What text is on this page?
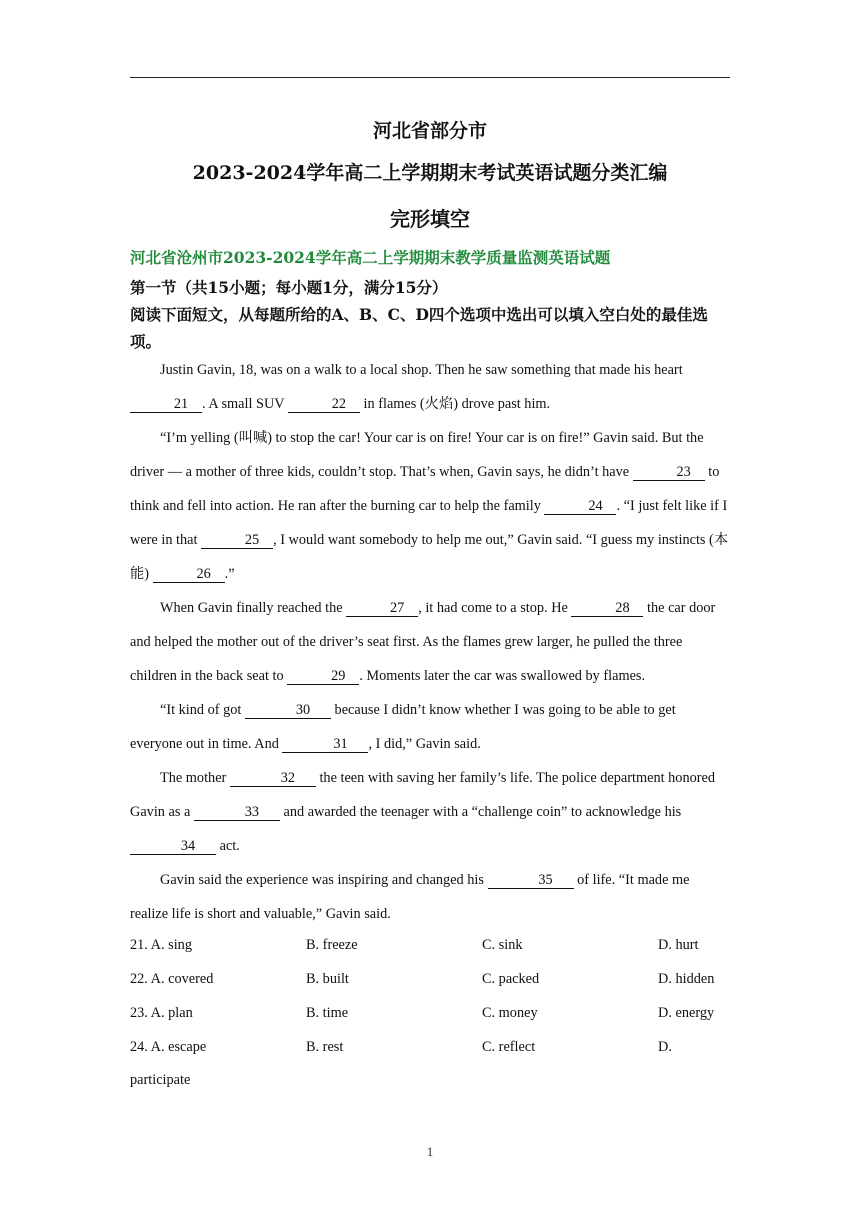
河北省部分市
2023-2024学年高二上学期期末考试英语试题分类汇编
完形填空
河北省沧州市2023-2024学年高二上学期期末教学质量监测英语试题
第一节（共15小题；每小题1分，满分15分）
阅读下面短文，从每题所给的A、B、C、D四个选项中选出可以填入空白处的最佳选项。

Justin Gavin, 18, was on a walk to a local shop. Then he saw something that made his heart 21 . A small SUV	22 in flames (火焰) drove past him.

“I’m yelling (叫喊) to stop the car! Your car is on fire! Your car is on fire!” Gavin said. But the driver — a mother of three kids, couldn’t stop. That’s when, Gavin says, he didn’t have	23 to think and fell into action. He ran after the burning car to help the family	24 . “I just felt like if I were in that	25 , I would want somebody to help me out,” Gavin said. “I guess my instincts (本能)	26 .”

When Gavin finally reached the	27 , it had come to a stop. He	28 the car door and helped the mother out of the driver’s seat first. As the flames grew larger, he pulled the three children in the back seat to	29 . Moments later the car was swallowed by flames.

“It kind of got	30 because I didn’t know whether I was going to be able to get everyone out in time. And	31 , I did,” Gavin said.

The mother	32 the teen with saving her family’s life. The police department honored Gavin as a	33 and awarded the teenager with a “challenge coin” to acknowledge his 34 act.

Gavin said the experience was inspiring and changed his	35 of life. “It made me realize life is short and valuable,” Gavin said.

21. A. sing	B. freeze	C. sink	D. hurt
22. A. covered	B. built	C. packed	D. hidden
23. A. plan	B. time	C. money	D. energy
24. A. escape	B. rest	C. reflect	D.
participate
1
